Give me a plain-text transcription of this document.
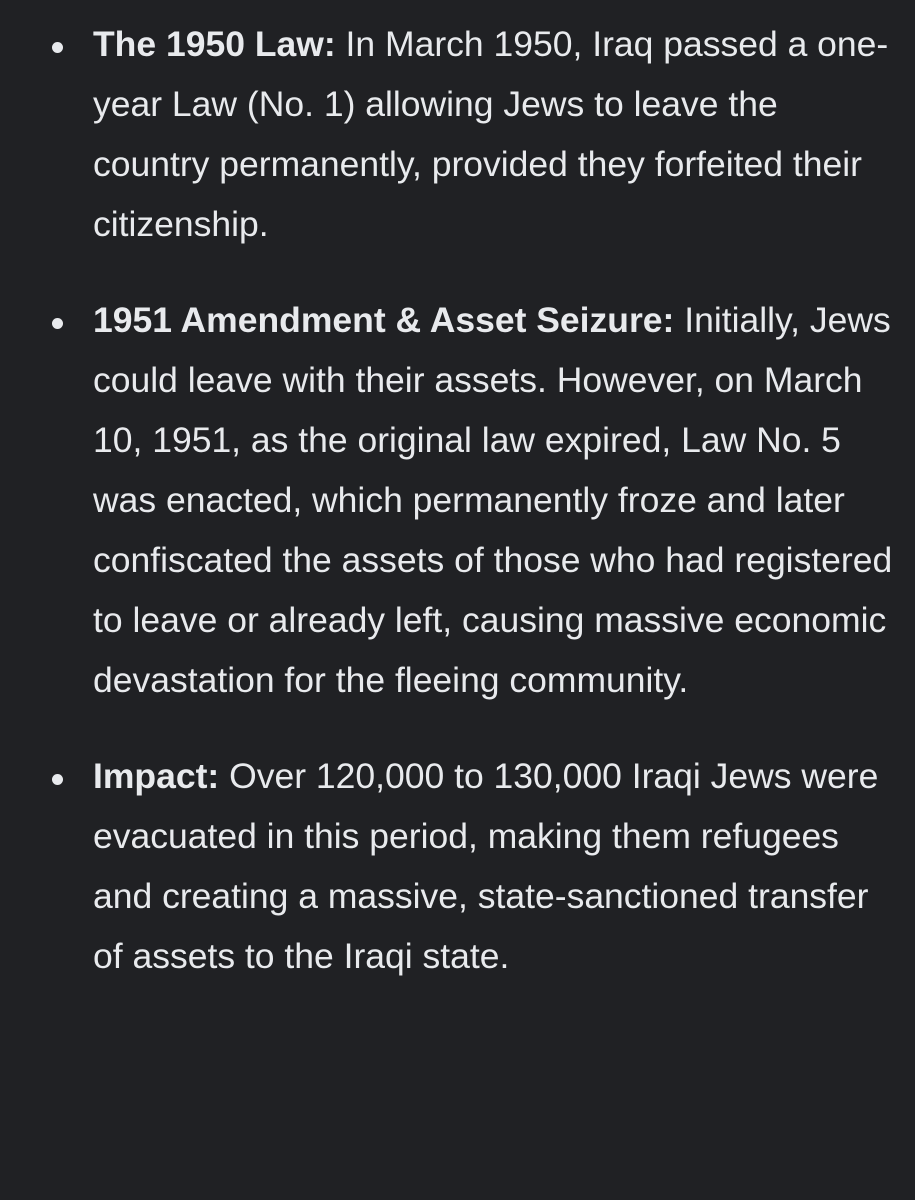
The 1950 Law: In March 1950, Iraq passed a one-year Law (No. 1) allowing Jews to leave the country permanently, provided they forfeited their citizenship.
1951 Amendment & Asset Seizure: Initially, Jews could leave with their assets. However, on March 10, 1951, as the original law expired, Law No. 5 was enacted, which permanently froze and later confiscated the assets of those who had registered to leave or already left, causing massive economic devastation for the fleeing community.
Impact: Over 120,000 to 130,000 Iraqi Jews were evacuated in this period, making them refugees and creating a massive, state-sanctioned transfer of assets to the Iraqi state.
